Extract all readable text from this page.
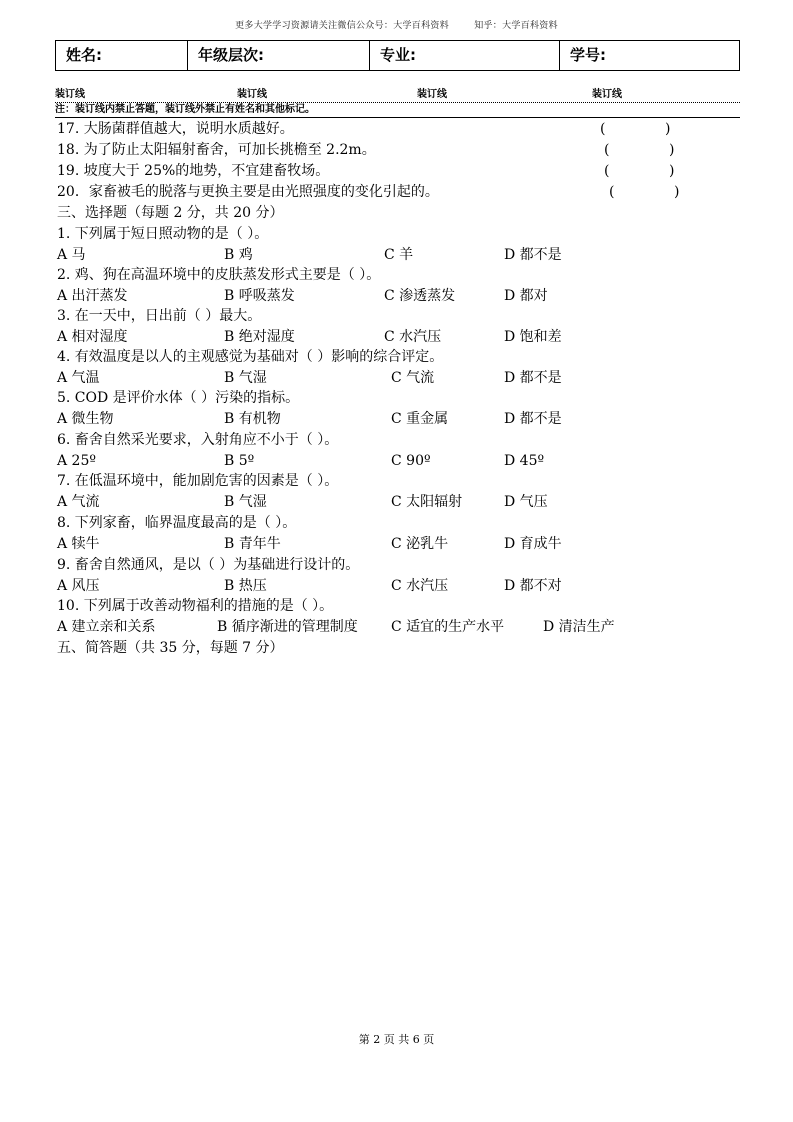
更多大学学习资源请关注微信公众号：大学百科资料	知乎：大学百科资料
姓名:	年级层次:	专业:	学号:
装订线	装订线	装订线	装订线
注：装订线内禁止答题，装订线外禁止有姓名和其他标记。
17. 大肠菌群值越大，说明水质越好。	(	)
18. 为了防止太阳辐射畜舍，可加长挑檐至 2.2m。	(	)
19. 坡度大于 25%的地势，不宜建畜牧场。	(	)
20．家畜被毛的脱落与更换主要是由光照强度的变化引起的。	(	)
三、选择题（每题 2 分，共 20 分）
1. 下列属于短日照动物的是（ ）。
A 马	B 鸡	C 羊	D 都不是
2. 鸡、狗在高温环境中的皮肤蒸发形式主要是（ ）。
A 出汗蒸发	B 呼吸蒸发	C 渗透蒸发	D 都对
3. 在一天中，日出前（ ）最大。
A 相对湿度	B 绝对湿度	C 水汽压	D 饱和差
4. 有效温度是以人的主观感觉为基础对（ ）影响的综合评定。
A 气温	B 气湿	C 气流	D 都不是
5. COD 是评价水体（ ）污染的指标。
A 微生物	B 有机物	C 重金属	D 都不是
6. 畜舍自然采光要求，入射角应不小于（ ）。
A 25º	B 5º	C 90º	D 45º
7. 在低温环境中，能加剧危害的因素是（ ）。
A 气流	B 气湿	C 太阳辐射	D 气压
8. 下列家畜，临界温度最高的是（ ）。
A 犊牛	B 青年牛	C 泌乳牛	D 育成牛
9. 畜舍自然通风，是以（ ）为基础进行设计的。
A 风压	B 热压	C 水汽压	D 都不对
10. 下列属于改善动物福利的措施的是（ ）。
A 建立亲和关系	B 循序渐进的管理制度 C 适宜的生产水平	D 清洁生产
五、简答题（共 35 分，每题 7 分）
第 2 页 共 6 页
